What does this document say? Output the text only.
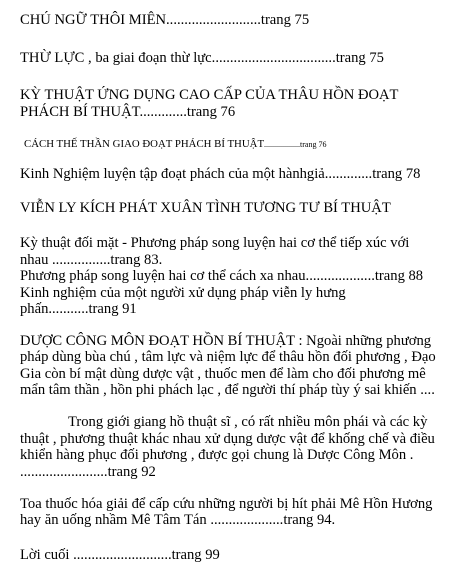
CHÚ NGỮ THÔI MIÊN..........................trang 75
THỪ LỰC , ba giai đoạn thừ lực..................................trang 75
KỲ THUẬT ỨNG DỤNG CAO CẤP CỦA THÂU HỒN ĐOẠT
PHÁCH BÍ THUẬT.............trang 76
CÁCH THẾ THẦN GIAO ĐOẠT PHÁCH BÍ THUẬT..................trang 76
Kinh Nghiệm luyện tập đoạt phách của một hànhgiả.............trang 78
VIỄN LY KÍCH PHÁT XUÂN TÌNH TƯƠNG TƯ BÍ THUẬT
Kỳ thuật đối mặt - Phương pháp song luyện hai cơ thể tiếp xúc với
nhau ................trang 83.
Phương pháp song luyện hai cơ thể cách xa nhau...................trang 88
Kinh nghiệm của một người xử dụng pháp viễn ly hưng
phấn...........trang 91
DƯỢC CÔNG MÔN ĐOẠT HỒN BÍ THUẬT : Ngoài những phương
pháp dùng bùa chú , tâm lực và niệm lực để thâu hồn đối phương , Đạo
Gia còn bí mật dùng dược vật , thuốc men để làm cho đối phương mê
mẩn tâm thần , hồn phi phách lạc , để người thí pháp tùy ý sai khiến ....
Trong giới giang hồ thuật sĩ , có rất nhiều môn phái và các kỳ
thuật , phương thuật khác nhau xử dụng dược vật để khống chế và điều
khiển hàng phục đối phương , được gọi chung là Dược Công Môn .
........................trang 92
Toa thuốc hóa giải để cấp cứu những người bị hít phải Mê Hồn Hương
hay ăn uống nhầm Mê Tâm Tán ....................trang 94.
Lời cuối ...........................trang 99
